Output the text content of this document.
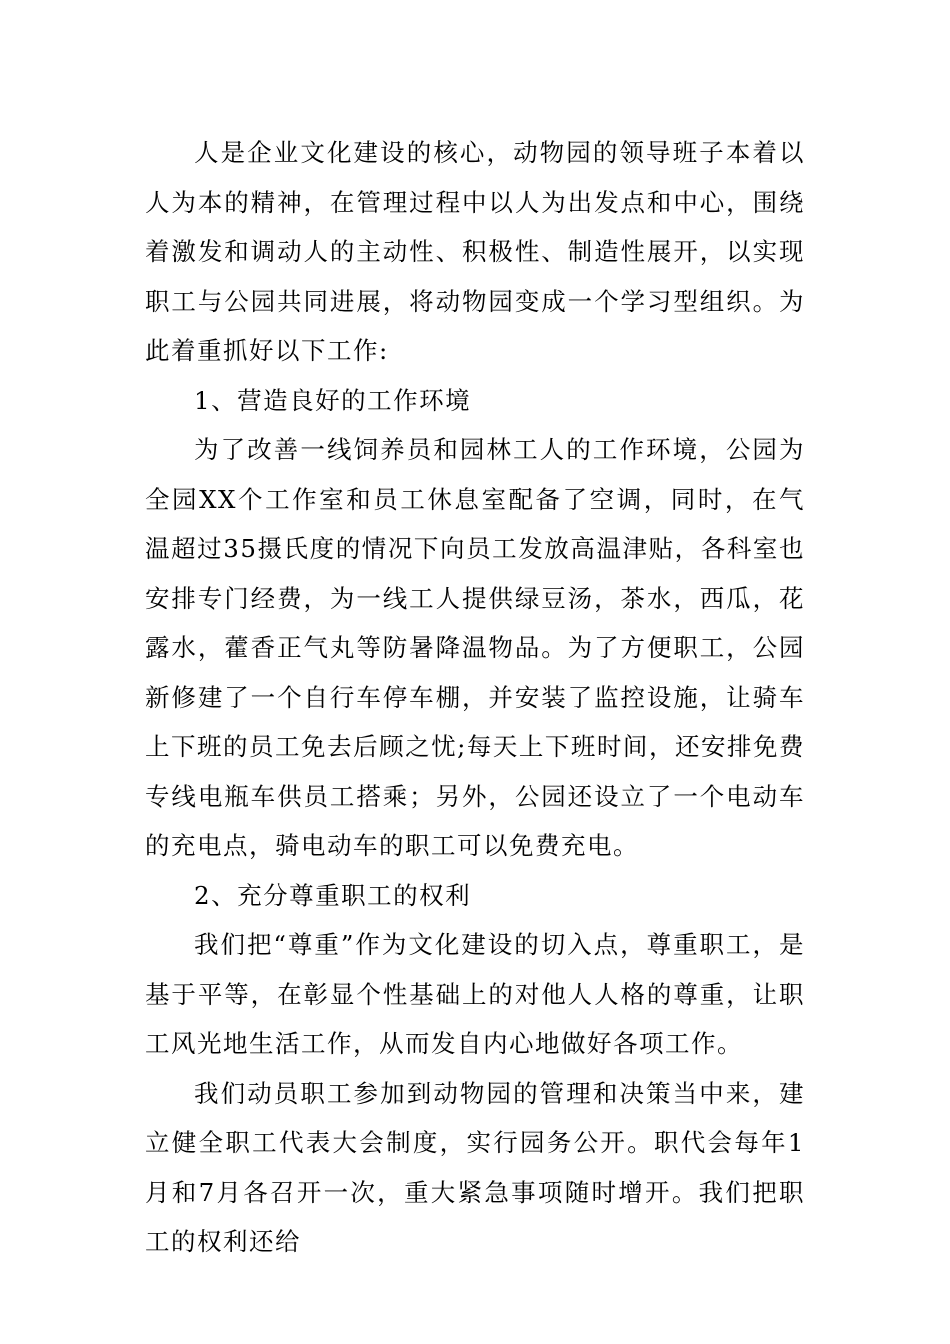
人是企业文化建设的核心，动物园的领导班子本着以人为本的精神，在管理过程中以人为出发点和中心，围绕着激发和调动人的主动性、积极性、制造性展开，以实现职工与公园共同进展，将动物园变成一个学习型组织。为此着重抓好以下工作:

1、营造良好的工作环境

为了改善一线饲养员和园林工人的工作环境，公园为全园XX个工作室和员工休息室配备了空调，同时，在气温超过35摄氏度的情况下向员工发放高温津贴，各科室也安排专门经费，为一线工人提供绿豆汤，茶水，西瓜，花露水，藿香正气丸等防暑降温物品。为了方便职工，公园新修建了一个自行车停车棚，并安装了监控设施，让骑车上下班的员工免去后顾之忧;每天上下班时间，还安排免费专线电瓶车供员工搭乘；另外，公园还设立了一个电动车的充电点，骑电动车的职工可以免费充电。

2、充分尊重职工的权利

我们把“尊重”作为文化建设的切入点，尊重职工，是基于平等，在彰显个性基础上的对他人人格的尊重，让职工风光地生活工作，从而发自内心地做好各项工作。

我们动员职工参加到动物园的管理和决策当中来，建立健全职工代表大会制度，实行园务公开。职代会每年1月和7月各召开一次，重大紧急事项随时增开。我们把职工的权利还给
